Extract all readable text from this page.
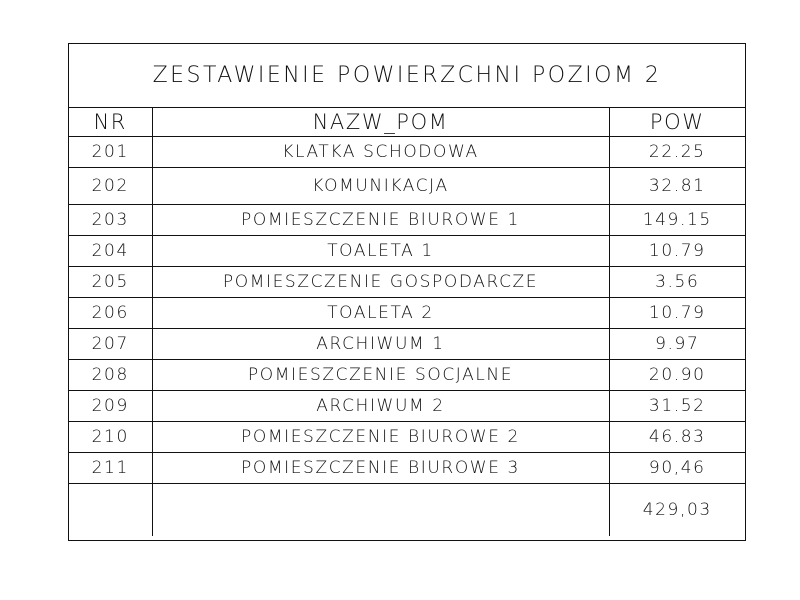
ZESTAWIENIE POWIERZCHNI POZIOM 2
NR	NAZW_POM	POW
201	KLATKA SCHODOWA	22.25
202	KOMUNIKACJA	32.81
203	POMIESZCZENIE BIUROWE 1	149.15
204	TOALETA 1	10.79
205	POMIESZCZENIE GOSPODARCZE	3.56
206	TOALETA 2	10.79
207	ARCHIWUM 1	9.97
208	POMIESZCZENIE SOCJALNE	20.90
209	ARCHIWUM 2	31.52
210	POMIESZCZENIE BIUROWE 2	46.83
211	POMIESZCZENIE BIUROWE 3	90,46
		429,03
